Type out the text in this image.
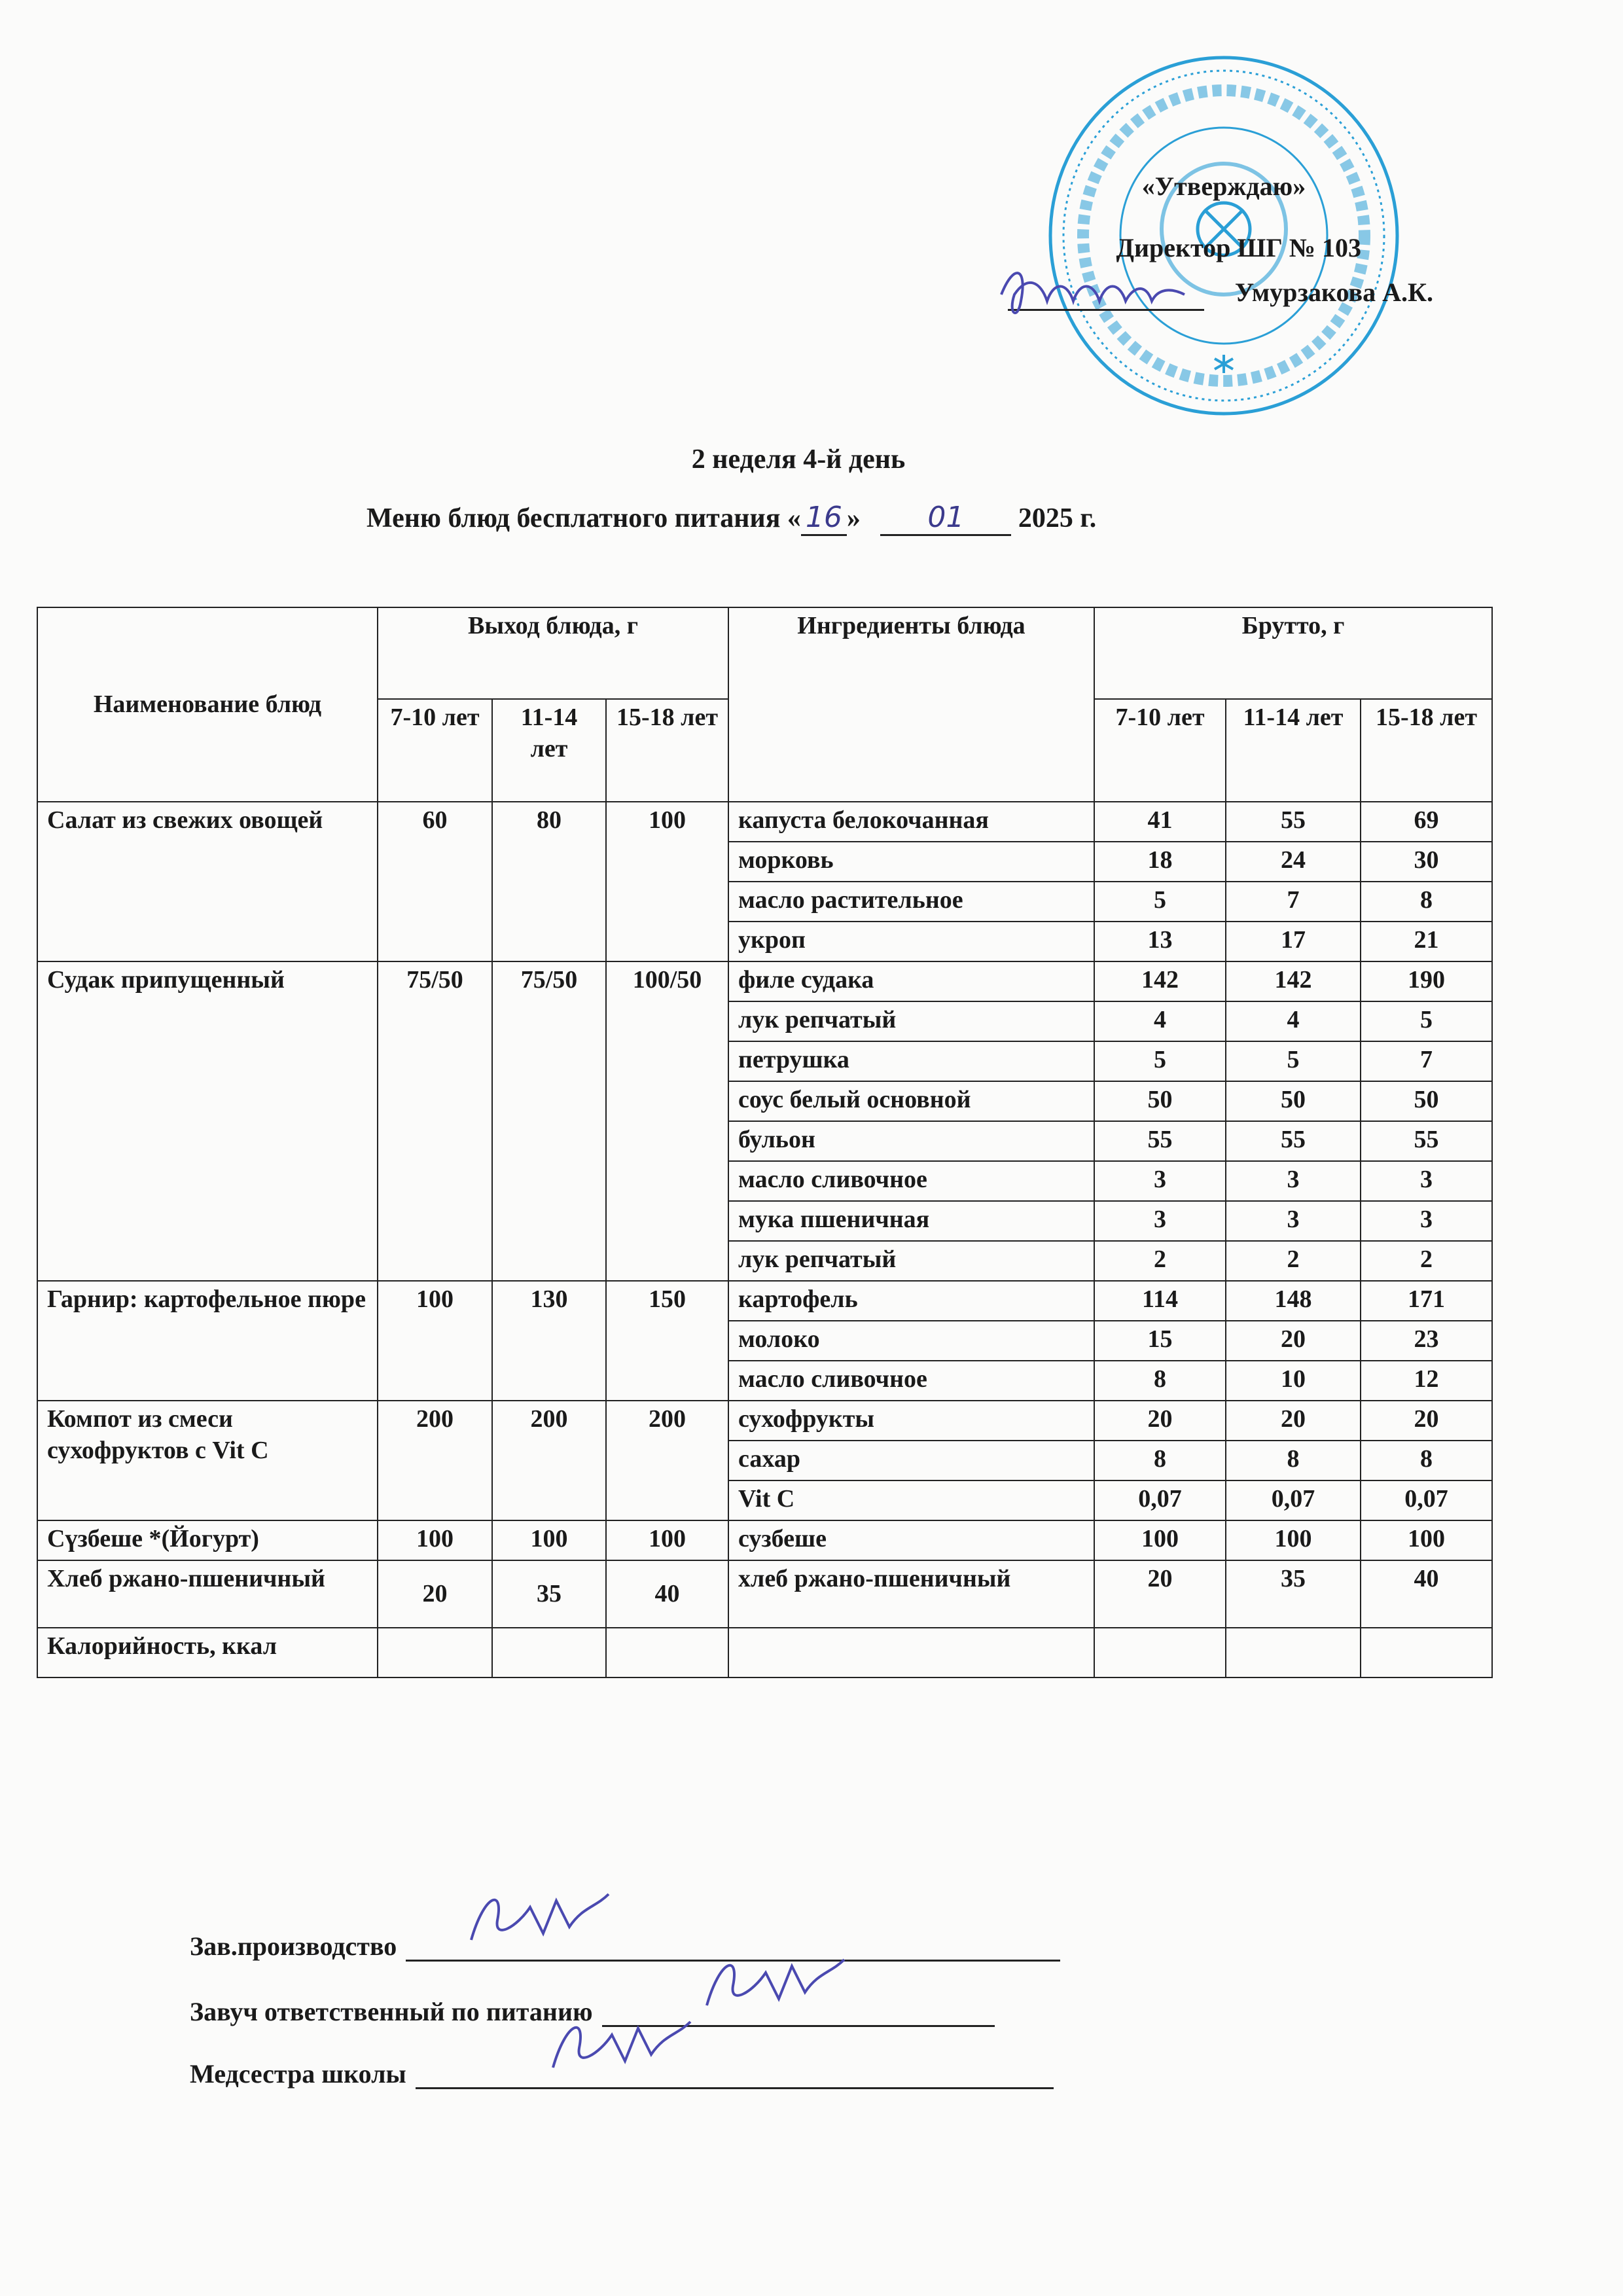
«Утверждаю»
Директор ШГ № 103
Умурзакова А.К.
2 неделя 4-й день
Меню блюд бесплатного питания « 16 » 01 2025 г.
Наименование блюд	Выход блюда, г			Ингредиенты блюда	Брутто, г		
	7-10 лет	11-14 лет	15-18 лет		7-10 лет	11-14 лет	15-18 лет
Салат из свежих овощей	60	80	100	капуста белокочанная	41	55	69
				морковь	18	24	30
				масло растительное	5	7	8
				укроп	13	17	21
Судак припущенный	75/50	75/50	100/50	филе судака	142	142	190
				лук репчатый	4	4	5
				петрушка	5	5	7
				соус белый основной	50	50	50
				бульон	55	55	55
				масло сливочное	3	3	3
				мука пшеничная	3	3	3
				лук репчатый	2	2	2
Гарнир: картофельное пюре	100	130	150	картофель	114	148	171
				молоко	15	20	23
				масло сливочное	8	10	12
Компот из смеси сухофруктов с Vit C	200	200	200	сухофрукты	20	20	20
				сахар	8	8	8
				Vit C	0,07	0,07	0,07
Сүзбеше *(Йогурт)	100	100	100	сузбеше	100	100	100
Хлеб ржано-пшеничный	20	35	40	хлеб ржано-пшеничный	20	35	40
Калорийность, ккал							
Зав.производство
Завуч ответственный по питанию
Медсестра школы
